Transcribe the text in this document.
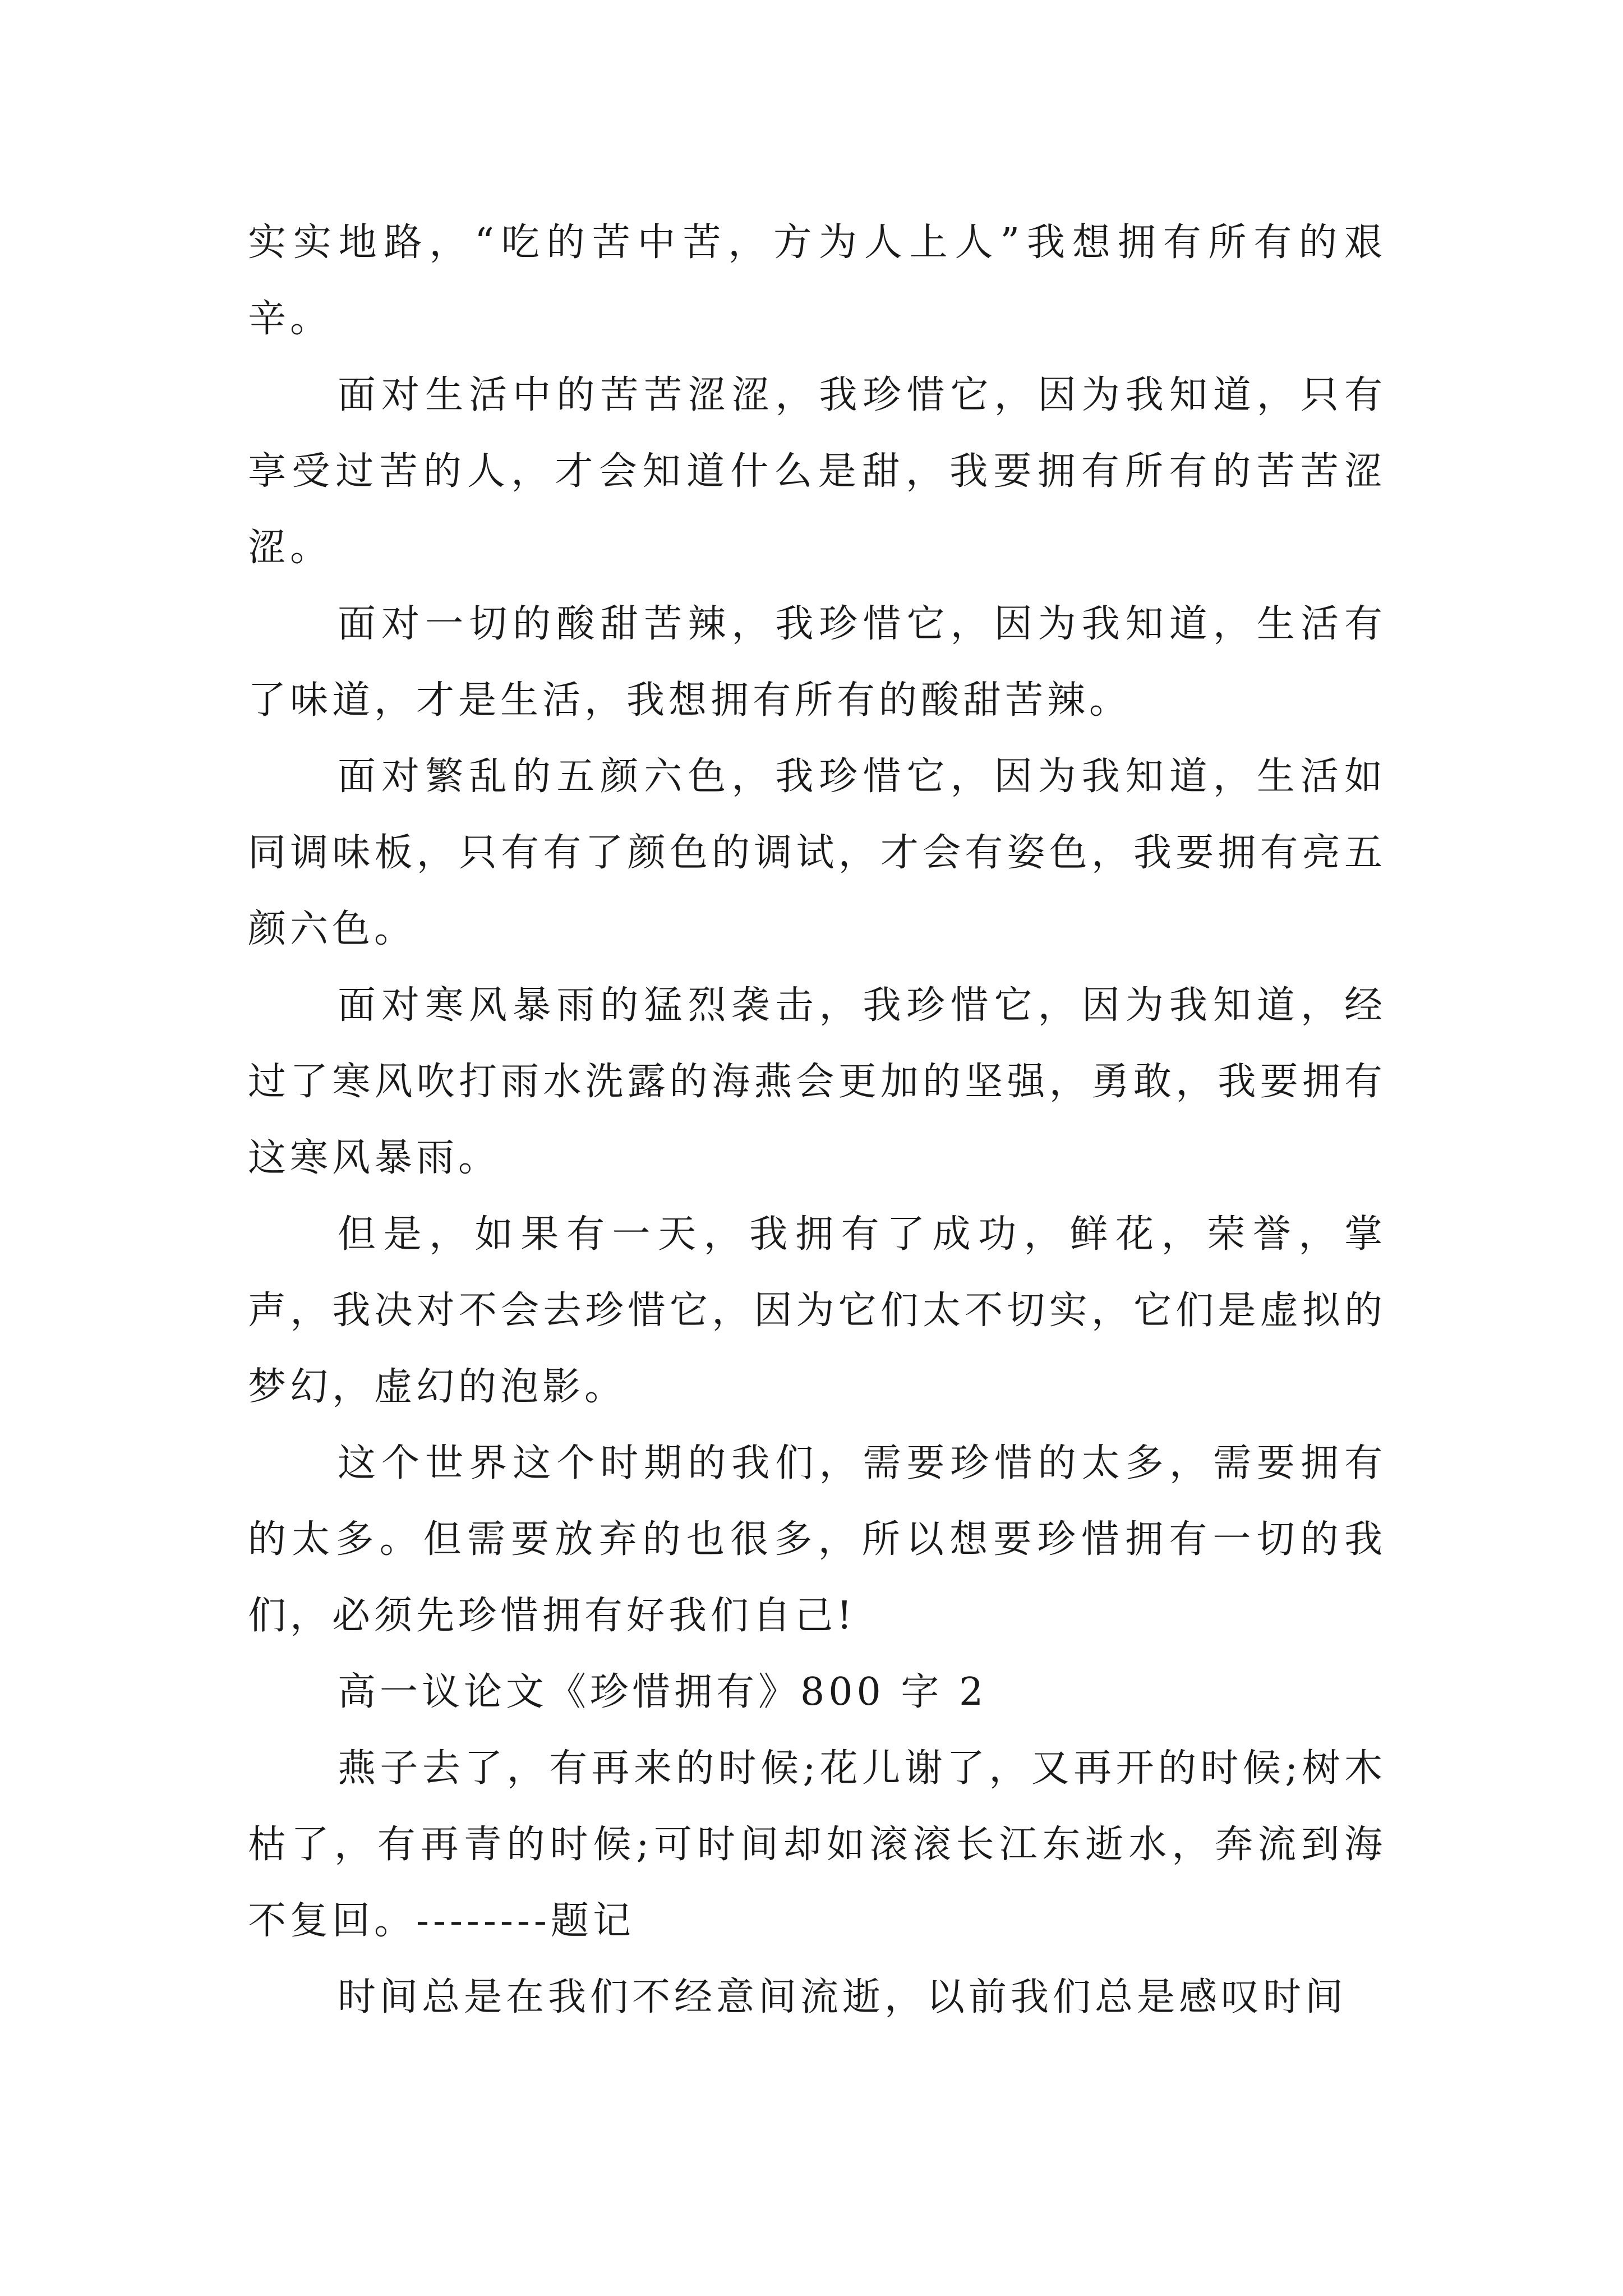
实实地路，“吃的苦中苦，方为人上人”我想拥有所有的艰辛。

面对生活中的苦苦涩涩，我珍惜它，因为我知道，只有享受过苦的人，才会知道什么是甜，我要拥有所有的苦苦涩涩。

面对一切的酸甜苦辣，我珍惜它，因为我知道，生活有了味道，才是生活，我想拥有所有的酸甜苦辣。

面对繁乱的五颜六色，我珍惜它，因为我知道，生活如同调味板，只有有了颜色的调试，才会有姿色，我要拥有亮五颜六色。

面对寒风暴雨的猛烈袭击，我珍惜它，因为我知道，经过了寒风吹打雨水洗露的海燕会更加的坚强，勇敢，我要拥有这寒风暴雨。

但是，如果有一天，我拥有了成功，鲜花，荣誉，掌声，我决对不会去珍惜它，因为它们太不切实，它们是虚拟的梦幻，虚幻的泡影。

这个世界这个时期的我们，需要珍惜的太多，需要拥有的太多。但需要放弃的也很多，所以想要珍惜拥有一切的我们，必须先珍惜拥有好我们自己!

高一议论文《珍惜拥有》800 字 2

燕子去了，有再来的时候;花儿谢了，又再开的时候;树木枯了，有再青的时候;可时间却如滚滚长江东逝水，奔流到海不复回。--------题记

时间总是在我们不经意间流逝，以前我们总是感叹时间
